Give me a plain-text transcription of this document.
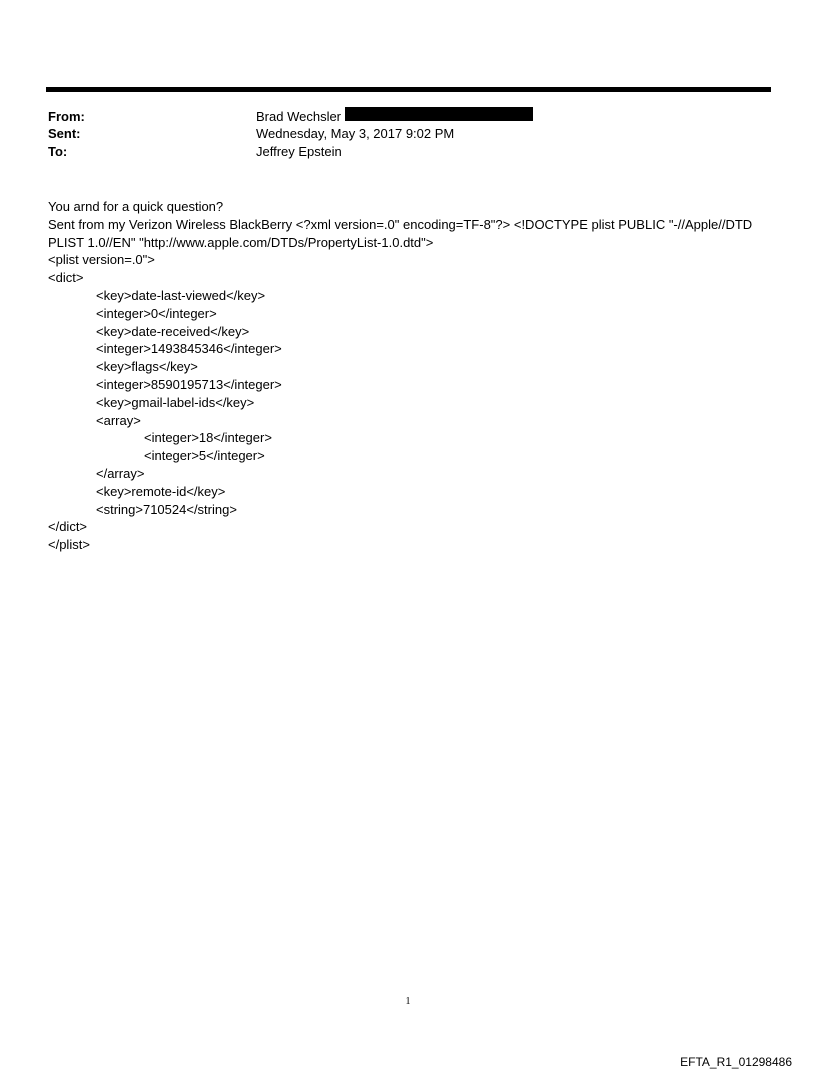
From:	Brad Wechsler
Sent:	Wednesday, May 3, 2017 9:02 PM
To:	Jeffrey Epstein
You arnd for a quick question?
Sent from my Verizon Wireless BlackBerry <?xml version=.0" encoding=TF-8"?> <!DOCTYPE plist PUBLIC "-//Apple//DTD
PLIST 1.0//EN" "http://www.apple.com/DTDs/PropertyList-1.0.dtd">
<plist version=.0">
<dict>
<key>date-last-viewed</key>
<integer>0</integer>
<key>date-received</key>
<integer>1493845346</integer>
<key>flags</key>
<integer>8590195713</integer>
<key>gmail-label-ids</key>
<array>
<integer>18</integer>
<integer>5</integer>
</array>
<key>remote-id</key>
<string>710524</string>
</dict>
</plist>
1
EFTA_R1_01298486
